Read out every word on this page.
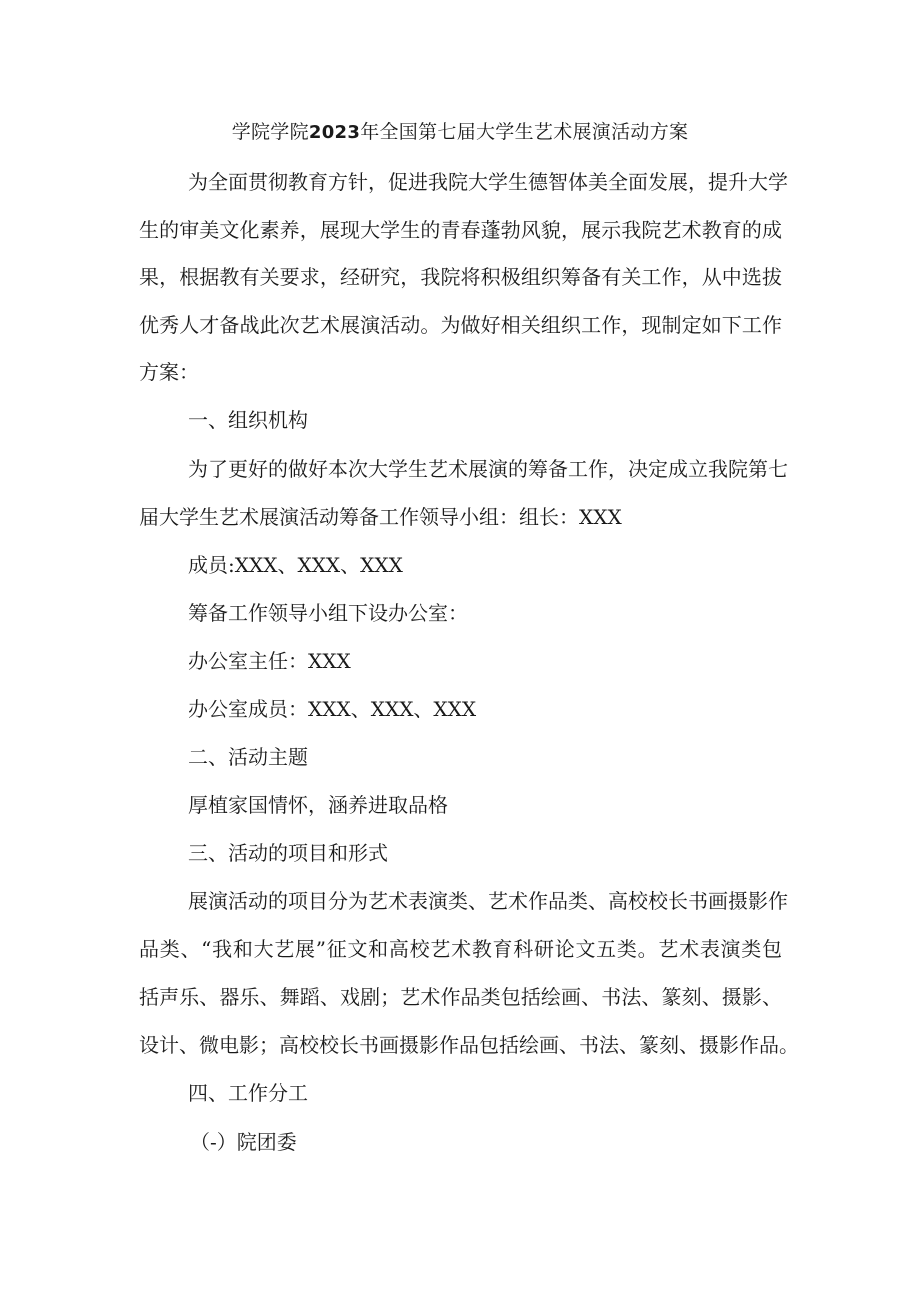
学院学院2023年全国第七届大学生艺术展演活动方案
为全面贯彻教育方针，促进我院大学生德智体美全面发展，提升大学
生的审美文化素养，展现大学生的青春蓬勃风貌，展示我院艺术教育的成
果，根据教有关要求，经研究，我院将积极组织筹备有关工作，从中选拔
优秀人才备战此次艺术展演活动。为做好相关组织工作，现制定如下工作
方案：
一、组织机构
为了更好的做好本次大学生艺术展演的筹备工作，决定成立我院第七
届大学生艺术展演活动筹备工作领导小组：组长：XXX
成员:XXX、XXX、XXX
筹备工作领导小组下设办公室：
办公室主任：XXX
办公室成员：XXX、XXX、XXX
二、活动主题
厚植家国情怀，涵养进取品格
三、活动的项目和形式
展演活动的项目分为艺术表演类、艺术作品类、高校校长书画摄影作
品类、“我和大艺展”征文和高校艺术教育科研论文五类。艺术表演类包
括声乐、器乐、舞蹈、戏剧；艺术作品类包括绘画、书法、篆刻、摄影、
设计、微电影；高校校长书画摄影作品包括绘画、书法、篆刻、摄影作品。
四、工作分工
（-）院团委
